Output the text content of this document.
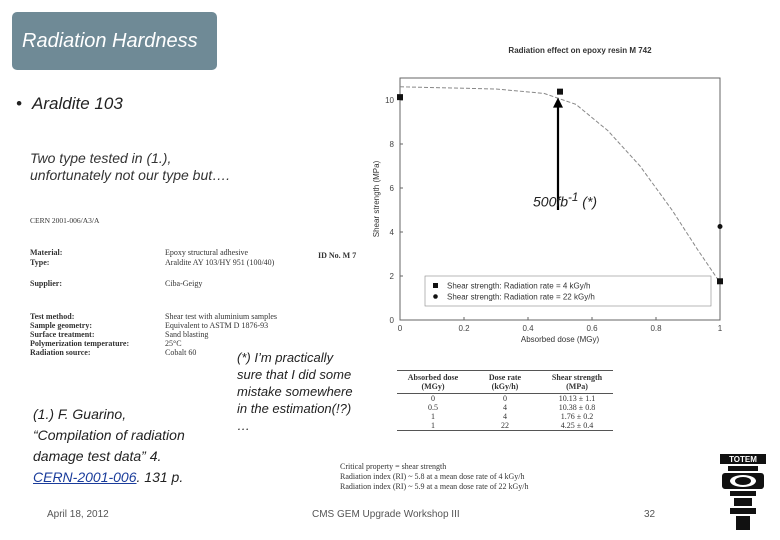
Radiation Hardness
• Araldite 103
Two type tested in (1.),
unfortunately not our type but….
CERN 2001-006/A3/A
ID No. M 7
Material:	Epoxy structural adhesive
Type:	Araldite AY 103/HY 951 (100/40)
Supplier:	Ciba-Geigy
Test method:	Shear test with aluminium samples
Sample geometry:	Equivalent to ASTM D 1876-93
Surface treatment:	Sand blasting
Polymerization temperature:	25°C
Radiation source:	Cobalt 60
Radiation effect on epoxy resin M 742
0	0.2	0.4	0.6	0.8	1
0
2
4
6
8
10
Absorbed dose (MGy)
Shear strength (MPa)
Shear strength: Radiation rate = 4 kGy/h
Shear strength: Radiation rate = 22 kGy/h
$500fb^{-1}$ (*)
(*) I’m practically
sure that I did some
mistake somewhere
in the estimation(!?)
…
(1.) F. Guarino,
“Compilation of radiation
damage test data” 4.
CERN-2001-006. 131 p.
Absorbed dose
(MGy)	Dose rate
(kGy/h)	Shear strength
(MPa)
0	0	10.13 ± 1.1
0.5	4	10.38 ± 0.8
1	4	1.76 ± 0.2
1	22	4.25 ± 0.4
Critical property = shear strength
Radiation index (RI) ~ 5.8 at a mean dose rate of 4 kGy/h
Radiation index (RI) ~ 5.9 at a mean dose rate of 22 kGy/h
April 18, 2012	CMS GEM Upgrade Workshop III	32
TOTEM
